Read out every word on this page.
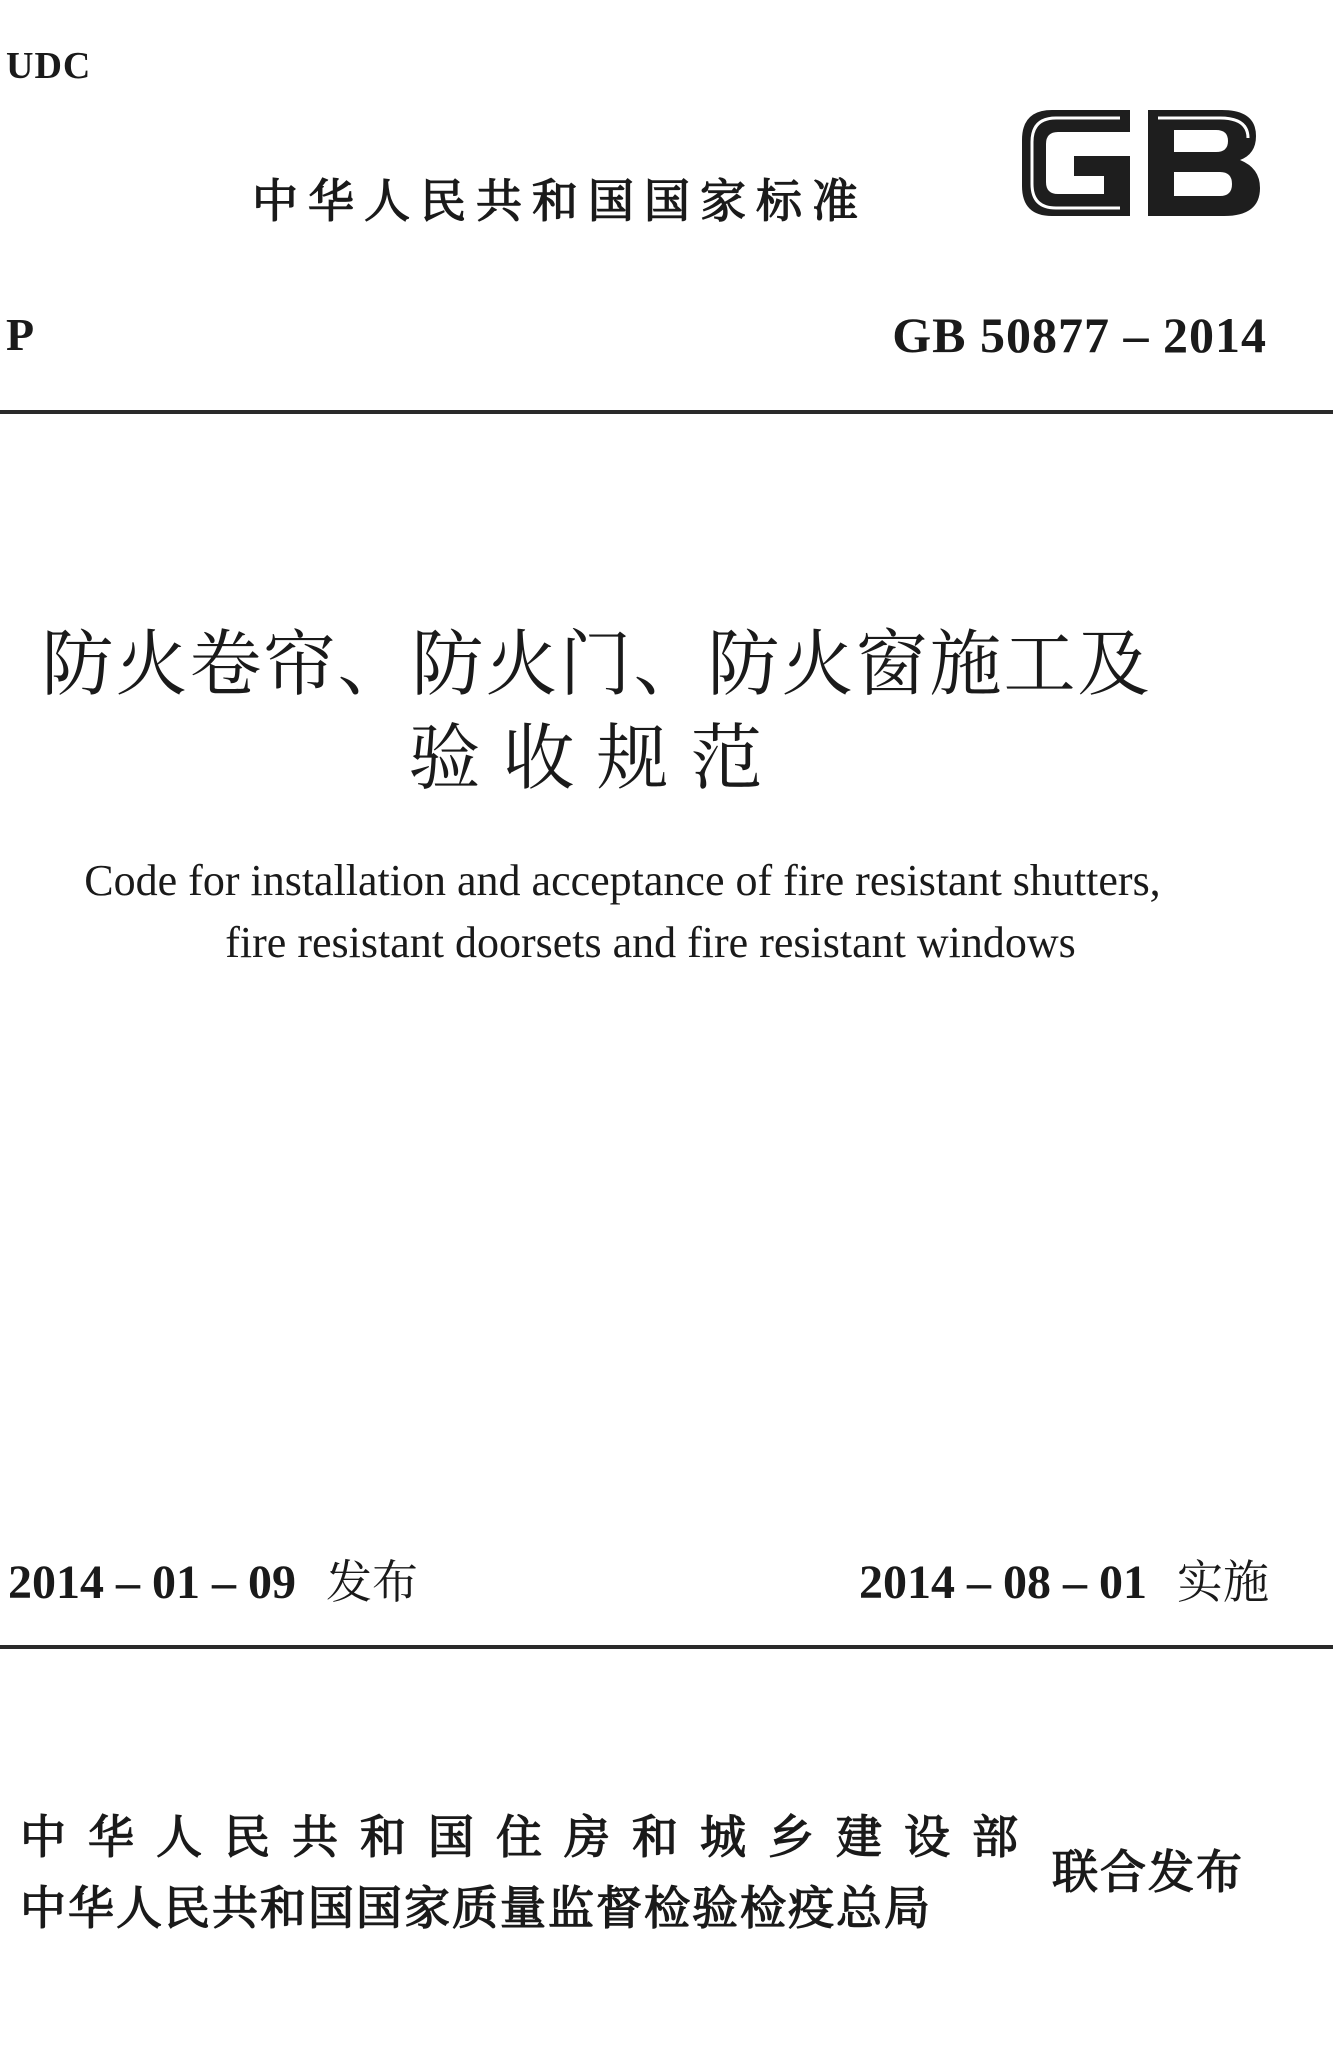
UDC
中华人民共和国国家标准
P	GB 50877 – 2014
防火卷帘、防火门、防火窗施工及
验收规范
Code for installation and acceptance of fire resistant shutters,
fire resistant doorsets and fire resistant windows
2014 – 01 – 09 发布	2014 – 08 – 01 实施
中华人民共和国住房和城乡建设部
中华人民共和国国家质量监督检验检疫总局
联合发布
